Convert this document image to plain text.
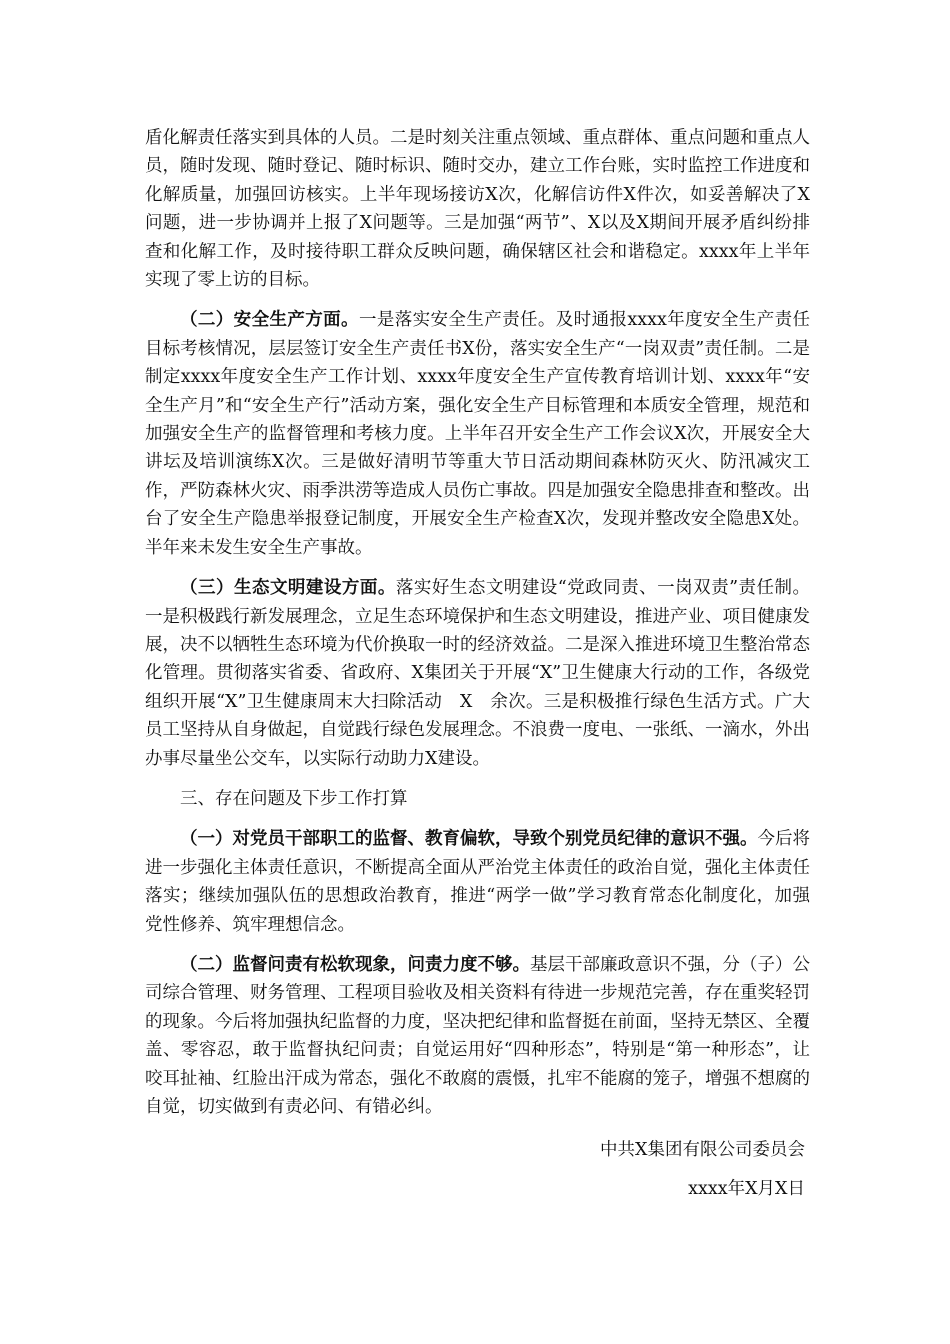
盾化解责任落实到具体的人员。二是时刻关注重点领域、重点群体、重点问题和重点人员，随时发现、随时登记、随时标识、随时交办，建立工作台账，实时监控工作进度和化解质量，加强回访核实。上半年现场接访X次，化解信访件X件次，如妥善解决了X问题，进一步协调并上报了X问题等。三是加强“两节”、X以及X期间开展矛盾纠纷排查和化解工作，及时接待职工群众反映问题，确保辖区社会和谐稳定。xxxx年上半年实现了零上访的目标。

（二）安全生产方面。一是落实安全生产责任。及时通报xxxx年度安全生产责任目标考核情况，层层签订安全生产责任书X份，落实安全生产“一岗双责”责任制。二是制定xxxx年度安全生产工作计划、xxxx年度安全生产宣传教育培训计划、xxxx年“安全生产月”和“安全生产行”活动方案，强化安全生产目标管理和本质安全管理，规范和加强安全生产的监督管理和考核力度。上半年召开安全生产工作会议X次，开展安全大讲坛及培训演练X次。三是做好清明节等重大节日活动期间森林防灭火、防汛减灾工作，严防森林火灾、雨季洪涝等造成人员伤亡事故。四是加强安全隐患排查和整改。出台了安全生产隐患举报登记制度，开展安全生产检查X次，发现并整改安全隐患X处。半年来未发生安全生产事故。

（三）生态文明建设方面。落实好生态文明建设“党政同责、一岗双责”责任制。一是积极践行新发展理念，立足生态环境保护和生态文明建设，推进产业、项目健康发展，决不以牺牲生态环境为代价换取一时的经济效益。二是深入推进环境卫生整治常态化管理。贯彻落实省委、省政府、X集团关于开展“X”卫生健康大行动的工作，各级党组织开展“X”卫生健康周末大扫除活动　X　余次。三是积极推行绿色生活方式。广大员工坚持从自身做起，自觉践行绿色发展理念。不浪费一度电、一张纸、一滴水，外出办事尽量坐公交车，以实际行动助力X建设。

三、存在问题及下步工作打算

（一）对党员干部职工的监督、教育偏软，导致个别党员纪律的意识不强。今后将进一步强化主体责任意识，不断提高全面从严治党主体责任的政治自觉，强化主体责任落实；继续加强队伍的思想政治教育，推进“两学一做”学习教育常态化制度化，加强党性修养、筑牢理想信念。

（二）监督问责有松软现象，问责力度不够。基层干部廉政意识不强，分（子）公司综合管理、财务管理、工程项目验收及相关资料有待进一步规范完善，存在重奖轻罚的现象。今后将加强执纪监督的力度，坚决把纪律和监督挺在前面，坚持无禁区、全覆盖、零容忍，敢于监督执纪问责；自觉运用好“四种形态”，特别是“第一种形态”，让咬耳扯袖、红脸出汗成为常态，强化不敢腐的震慑，扎牢不能腐的笼子，增强不想腐的自觉，切实做到有责必问、有错必纠。

中共X集团有限公司委员会
xxxx年X月X日
